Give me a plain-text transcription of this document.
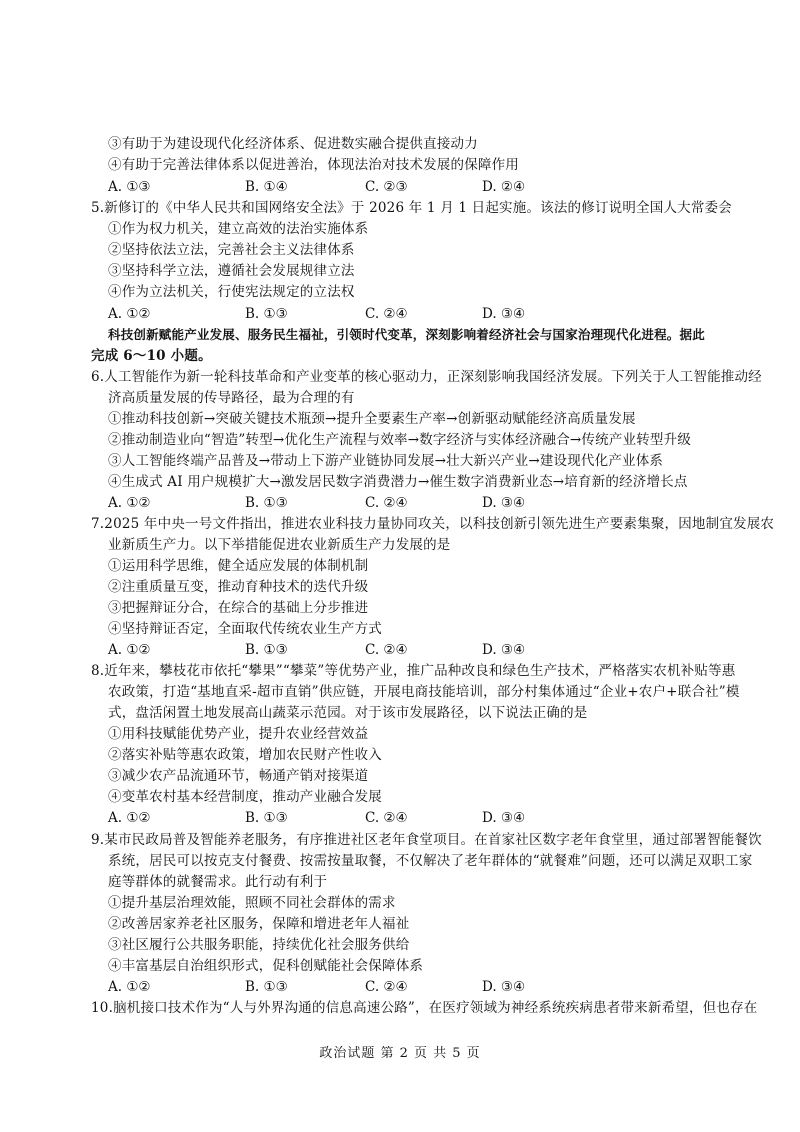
③有助于为建设现代化经济体系、促进数实融合提供直接动力
④有助于完善法律体系以促进善治，体现法治对技术发展的保障作用
A. ①③	B. ①④	C. ②③	D. ②④
5.新修订的《中华人民共和国网络安全法》于 2026 年 1 月 1 日起实施。该法的修订说明全国人大常委会
①作为权力机关，建立高效的法治实施体系
②坚持依法立法，完善社会主义法律体系
③坚持科学立法，遵循社会发展规律立法
④作为立法机关，行使宪法规定的立法权
A. ①②	B. ①③	C. ②④	D. ③④
科技创新赋能产业发展、服务民生福祉，引领时代变革，深刻影响着经济社会与国家治理现代化进程。据此
完成 6～10 小题。
6.人工智能作为新一轮科技革命和产业变革的核心驱动力，正深刻影响我国经济发展。下列关于人工智能推动经
济高质量发展的传导路径，最为合理的有
①推动科技创新→突破关键技术瓶颈→提升全要素生产率→创新驱动赋能经济高质量发展
②推动制造业向“智造”转型→优化生产流程与效率→数字经济与实体经济融合→传统产业转型升级
③人工智能终端产品普及→带动上下游产业链协同发展→壮大新兴产业→建设现代化产业体系
④生成式 AI 用户规模扩大→激发居民数字消费潜力→催生数字消费新业态→培育新的经济增长点
A. ①②	B. ①③	C. ②④	D. ③④
7.2025 年中央一号文件指出，推进农业科技力量协同攻关，以科技创新引领先进生产要素集聚，因地制宜发展农
业新质生产力。以下举措能促进农业新质生产力发展的是
①运用科学思维，健全适应发展的体制机制
②注重质量互变，推动育种技术的迭代升级
③把握辩证分合，在综合的基础上分步推进
④坚持辩证否定，全面取代传统农业生产方式
A. ①②	B. ①③	C. ②④	D. ③④
8.近年来，攀枝花市依托“攀果”“攀菜”等优势产业，推广品种改良和绿色生产技术，严格落实农机补贴等惠
农政策，打造“基地直采-超市直销”供应链，开展电商技能培训，部分村集体通过“企业+农户+联合社”模
式，盘活闲置土地发展高山蔬菜示范园。对于该市发展路径，以下说法正确的是
①用科技赋能优势产业，提升农业经营效益
②落实补贴等惠农政策，增加农民财产性收入
③减少农产品流通环节，畅通产销对接渠道
④变革农村基本经营制度，推动产业融合发展
A. ①②	B. ①③	C. ②④	D. ③④
9.某市民政局普及智能养老服务，有序推进社区老年食堂项目。在首家社区数字老年食堂里，通过部署智能餐饮
系统，居民可以按克支付餐费、按需按量取餐，不仅解决了老年群体的“就餐难”问题，还可以满足双职工家
庭等群体的就餐需求。此行动有利于
①提升基层治理效能，照顾不同社会群体的需求
②改善居家养老社区服务，保障和增进老年人福祉
③社区履行公共服务职能，持续优化社会服务供给
④丰富基层自治组织形式，促科创赋能社会保障体系
A. ①②	B. ①③	C. ②④	D. ③④
10.脑机接口技术作为“人与外界沟通的信息高速公路”，在医疗领域为神经系统疾病患者带来新希望，但也存在
政治试题 第 2 页 共 5 页
